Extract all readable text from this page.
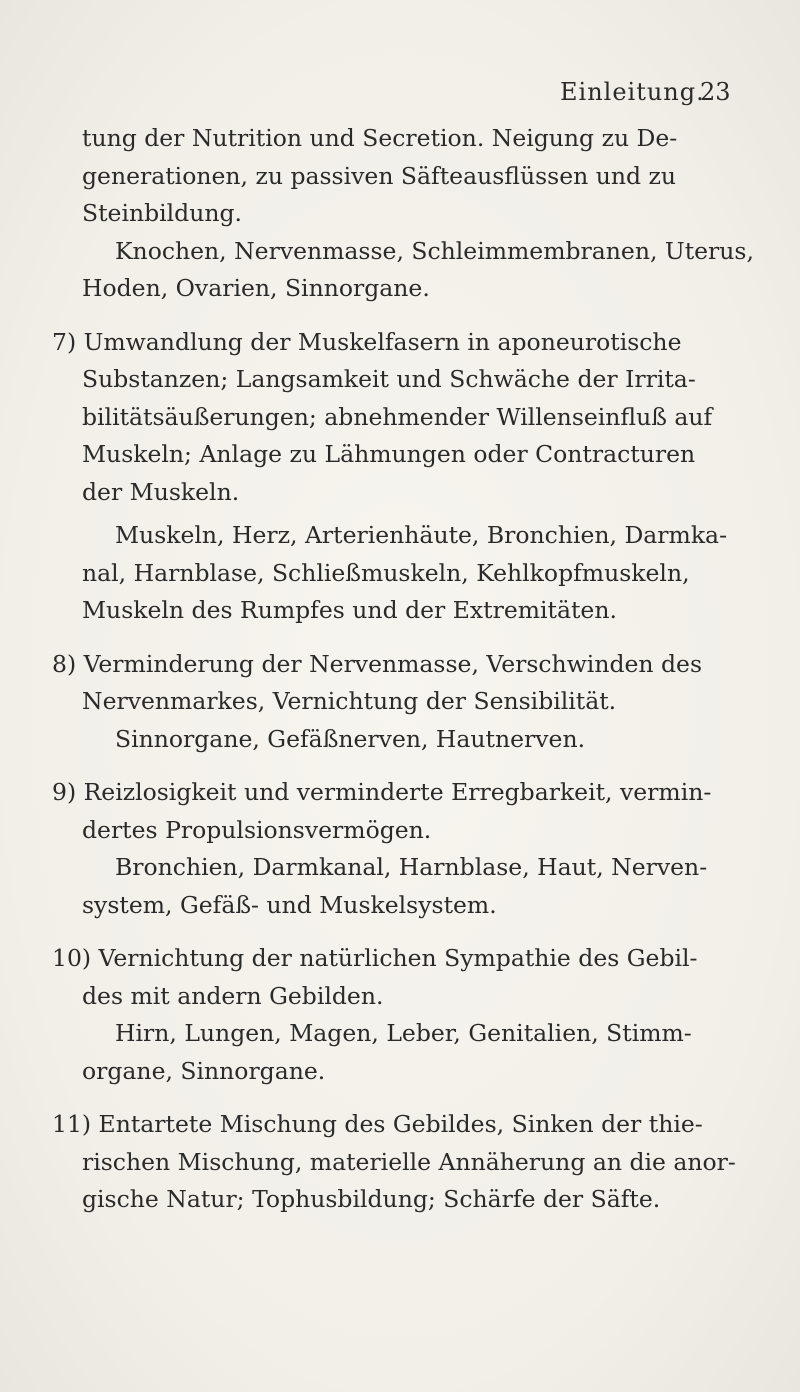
Einleitung.
23
tung der Nutrition und Secretion. Neigung zu De-
generationen, zu passiven Säfteausflüssen und zu
Steinbildung.
Knochen, Nervenmasse, Schleimmembranen, Uterus,
Hoden, Ovarien, Sinnorgane.
7) Umwandlung der Muskelfasern in aponeurotische
Substanzen; Langsamkeit und Schwäche der Irrita-
bilitätsäußerungen; abnehmender Willenseinfluß auf
Muskeln; Anlage zu Lähmungen oder Contracturen
der Muskeln.
Muskeln, Herz, Arterienhäute, Bronchien, Darmka-
nal, Harnblase, Schließmuskeln, Kehlkopfmuskeln,
Muskeln des Rumpfes und der Extremitäten.
8) Verminderung der Nervenmasse, Verschwinden des
Nervenmarkes, Vernichtung der Sensibilität.
Sinnorgane, Gefäßnerven, Hautnerven.
9) Reizlosigkeit und verminderte Erregbarkeit, vermin-
dertes Propulsionsvermögen.
Bronchien, Darmkanal, Harnblase, Haut, Nerven-
system, Gefäß- und Muskelsystem.
10) Vernichtung der natürlichen Sympathie des Gebil-
des mit andern Gebilden.
Hirn, Lungen, Magen, Leber, Genitalien, Stimm-
organe, Sinnorgane.
11) Entartete Mischung des Gebildes, Sinken der thie-
rischen Mischung, materielle Annäherung an die anor-
gische Natur; Tophusbildung; Schärfe der Säfte.
